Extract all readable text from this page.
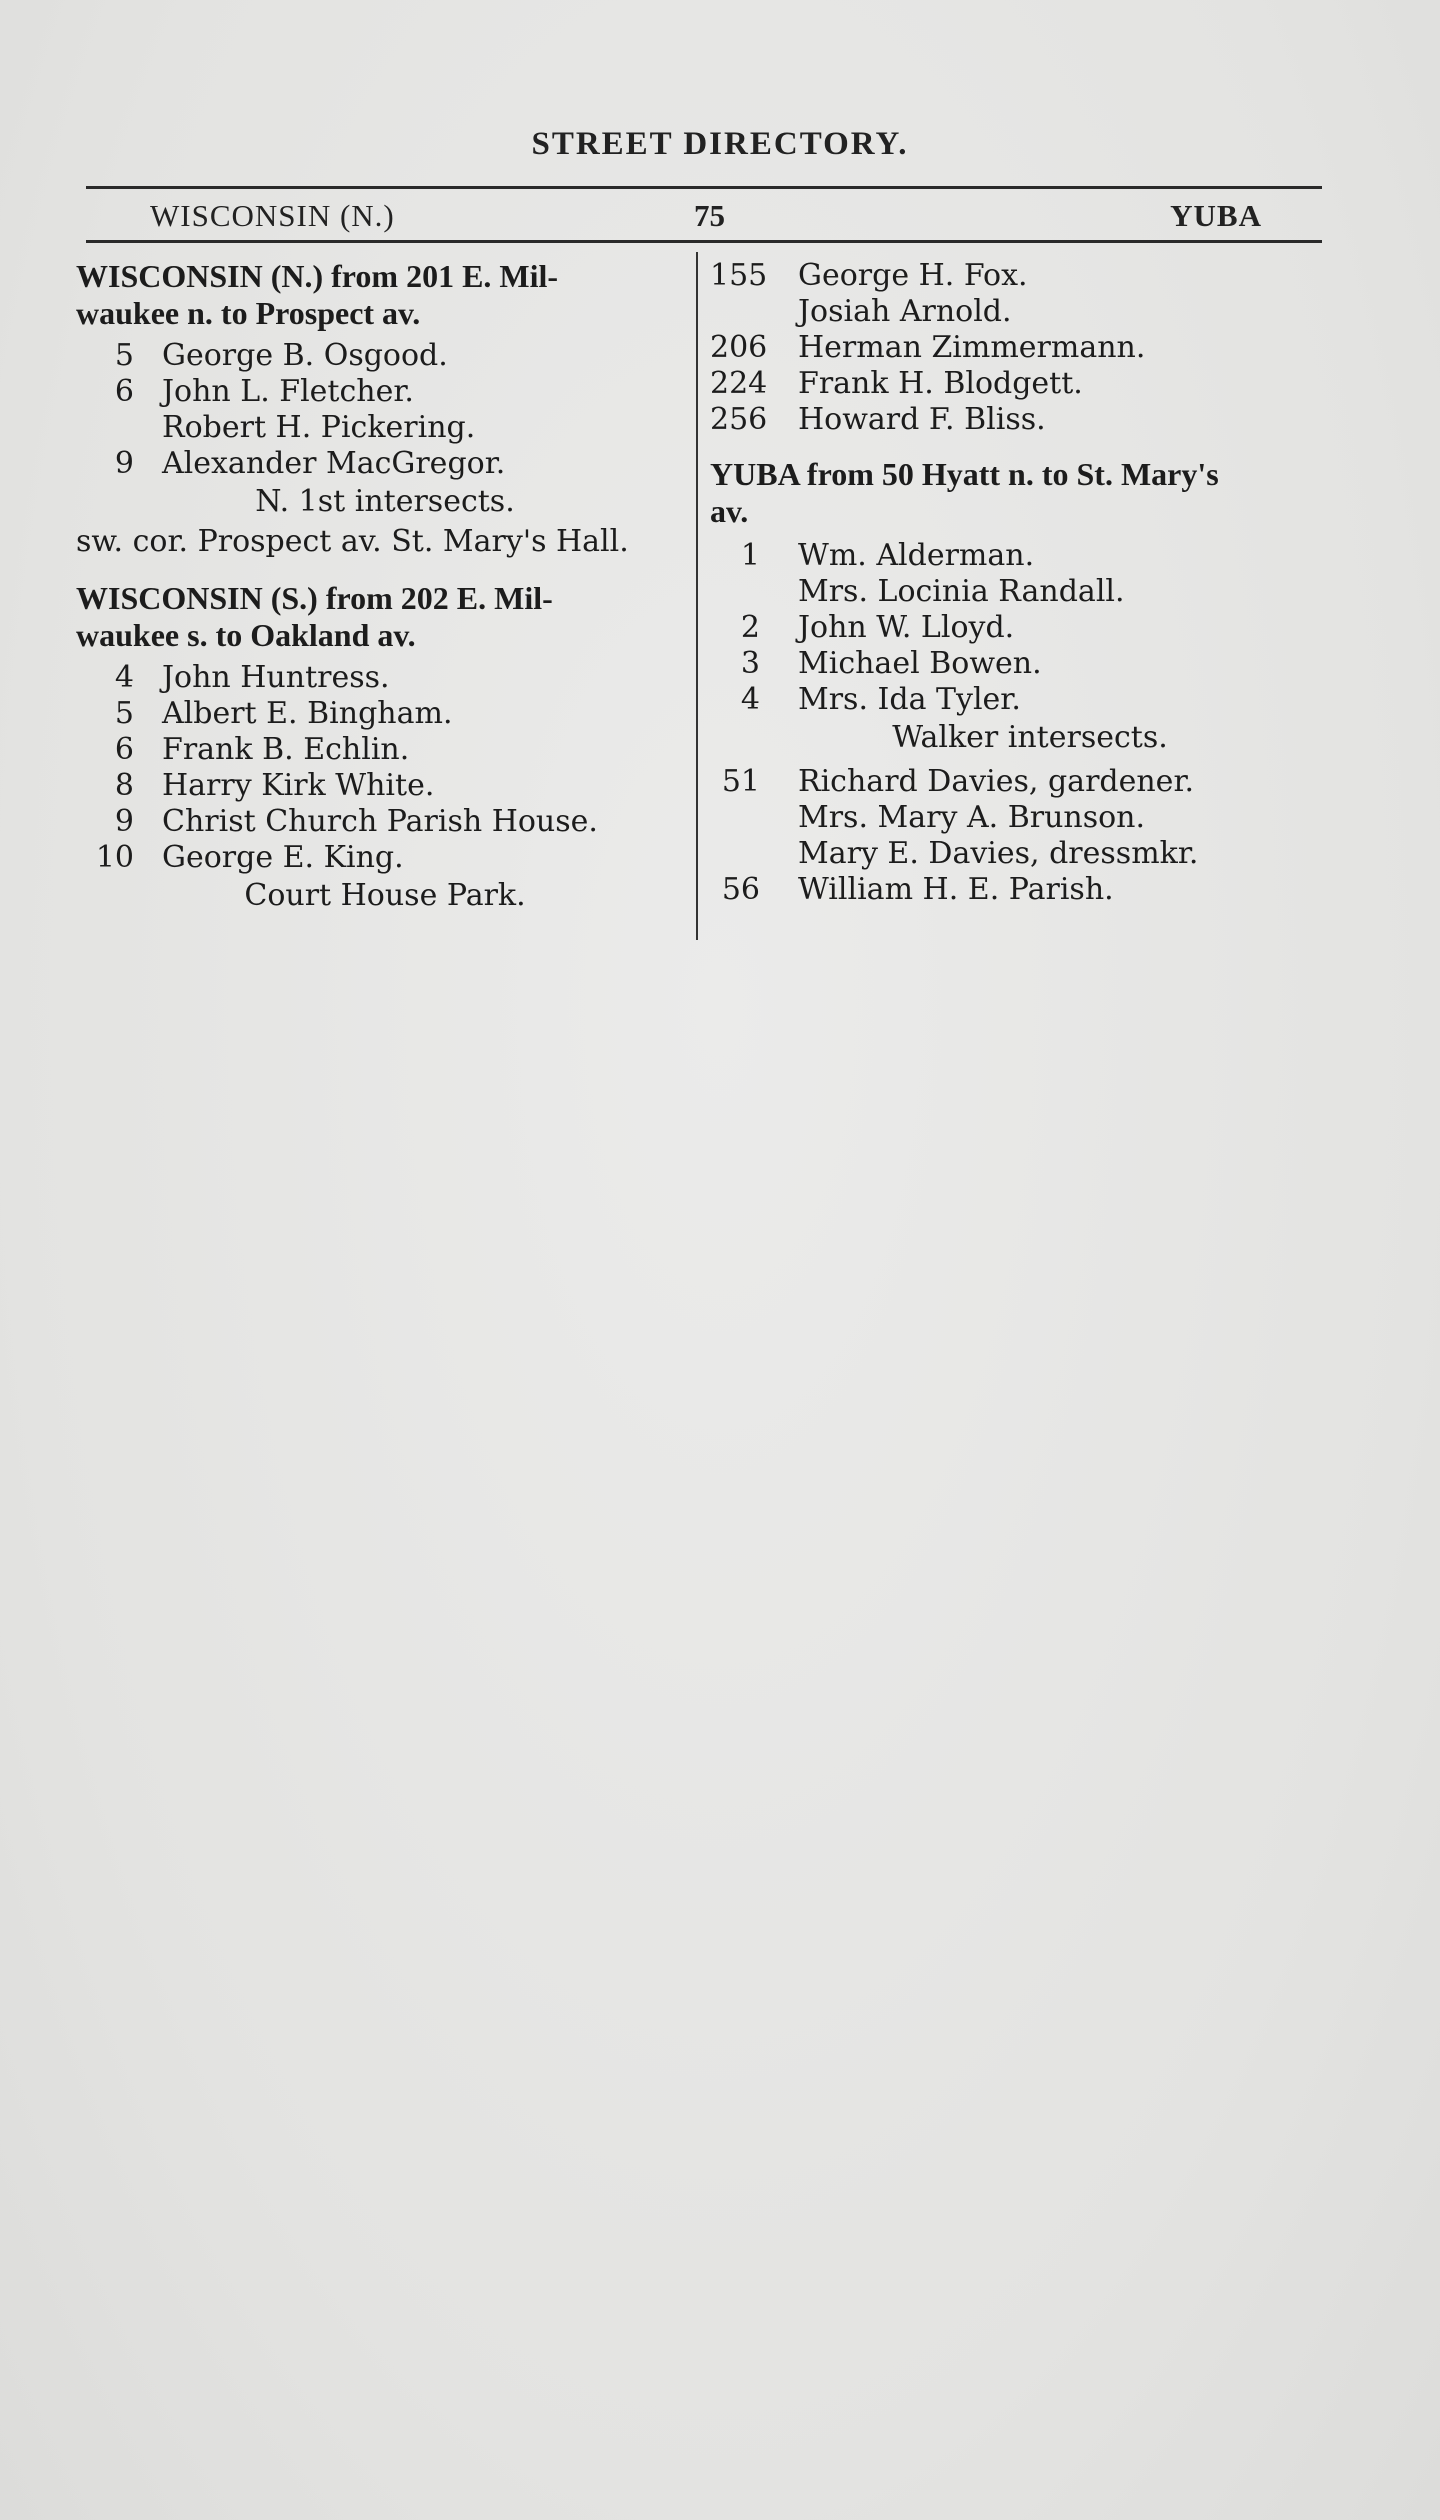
STREET DIRECTORY.
WISCONSIN (N.)	75	YUBA
WISCONSIN (N.) from 201 E. Mil-
waukee n. to Prospect av.
5 George B. Osgood.
6 John L. Fletcher.
Robert H. Pickering.
9 Alexander MacGregor.
N. 1st intersects.
sw. cor. Prospect av. St. Mary's Hall.
WISCONSIN (S.) from 202 E. Mil-
waukee s. to Oakland av.
4 John Huntress.
5 Albert E. Bingham.
6 Frank B. Echlin.
8 Harry Kirk White.
9 Christ Church Parish House.
10 George E. King.
Court House Park.
155 George H. Fox.
Josiah Arnold.
206 Herman Zimmermann.
224 Frank H. Blodgett.
256 Howard F. Bliss.
YUBA from 50 Hyatt n. to St. Mary's
av.
1 Wm. Alderman.
Mrs. Locinia Randall.
2 John W. Lloyd.
3 Michael Bowen.
4 Mrs. Ida Tyler.
Walker intersects.
51 Richard Davies, gardener.
Mrs. Mary A. Brunson.
Mary E. Davies, dressmkr.
56 William H. E. Parish.
